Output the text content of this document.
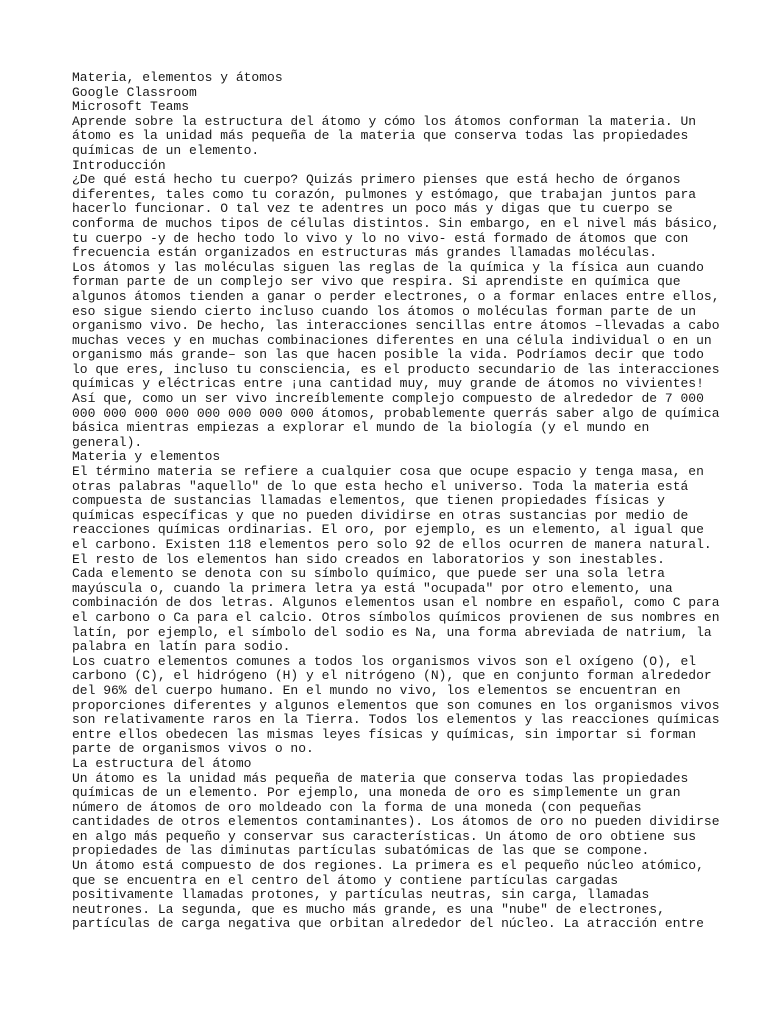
Materia, elementos y átomos
Google Classroom
Microsoft Teams
Aprende sobre la estructura del átomo y cómo los átomos conforman la materia. Un
átomo es la unidad más pequeña de la materia que conserva todas las propiedades
químicas de un elemento.
Introducción
¿De qué está hecho tu cuerpo? Quizás primero pienses que está hecho de órganos
diferentes, tales como tu corazón, pulmones y estómago, que trabajan juntos para
hacerlo funcionar. O tal vez te adentres un poco más y digas que tu cuerpo se
conforma de muchos tipos de células distintos. Sin embargo, en el nivel más básico,
tu cuerpo -y de hecho todo lo vivo y lo no vivo- está formado de átomos que con
frecuencia están organizados en estructuras más grandes llamadas moléculas.
Los átomos y las moléculas siguen las reglas de la química y la física aun cuando
forman parte de un complejo ser vivo que respira. Si aprendiste en química que
algunos átomos tienden a ganar o perder electrones, o a formar enlaces entre ellos,
eso sigue siendo cierto incluso cuando los átomos o moléculas forman parte de un
organismo vivo. De hecho, las interacciones sencillas entre átomos –llevadas a cabo
muchas veces y en muchas combinaciones diferentes en una célula individual o en un
organismo más grande– son las que hacen posible la vida. Podríamos decir que todo
lo que eres, incluso tu consciencia, es el producto secundario de las interacciones
químicas y eléctricas entre ¡una cantidad muy, muy grande de átomos no vivientes!
Así que, como un ser vivo increíblemente complejo compuesto de alrededor de 7 000
000 000 000 000 000 000 000 000 átomos, probablemente querrás saber algo de química
básica mientras empiezas a explorar el mundo de la biología (y el mundo en
general).
Materia y elementos
El término materia se refiere a cualquier cosa que ocupe espacio y tenga masa, en
otras palabras "aquello" de lo que esta hecho el universo. Toda la materia está
compuesta de sustancias llamadas elementos, que tienen propiedades físicas y
químicas específicas y que no pueden dividirse en otras sustancias por medio de
reacciones químicas ordinarias. El oro, por ejemplo, es un elemento, al igual que
el carbono. Existen 118 elementos pero solo 92 de ellos ocurren de manera natural.
El resto de los elementos han sido creados en laboratorios y son inestables.
Cada elemento se denota con su símbolo químico, que puede ser una sola letra
mayúscula o, cuando la primera letra ya está "ocupada" por otro elemento, una
combinación de dos letras. Algunos elementos usan el nombre en español, como C para
el carbono o Ca para el calcio. Otros símbolos químicos provienen de sus nombres en
latín, por ejemplo, el símbolo del sodio es Na, una forma abreviada de natrium, la
palabra en latín para sodio.
Los cuatro elementos comunes a todos los organismos vivos son el oxígeno (O), el
carbono (C), el hidrógeno (H) y el nitrógeno (N), que en conjunto forman alrededor
del 96% del cuerpo humano. En el mundo no vivo, los elementos se encuentran en
proporciones diferentes y algunos elementos que son comunes en los organismos vivos
son relativamente raros en la Tierra. Todos los elementos y las reacciones químicas
entre ellos obedecen las mismas leyes físicas y químicas, sin importar si forman
parte de organismos vivos o no.
La estructura del átomo
Un átomo es la unidad más pequeña de materia que conserva todas las propiedades
químicas de un elemento. Por ejemplo, una moneda de oro es simplemente un gran
número de átomos de oro moldeado con la forma de una moneda (con pequeñas
cantidades de otros elementos contaminantes). Los átomos de oro no pueden dividirse
en algo más pequeño y conservar sus características. Un átomo de oro obtiene sus
propiedades de las diminutas partículas subatómicas de las que se compone.
Un átomo está compuesto de dos regiones. La primera es el pequeño núcleo atómico,
que se encuentra en el centro del átomo y contiene partículas cargadas
positivamente llamadas protones, y partículas neutras, sin carga, llamadas
neutrones. La segunda, que es mucho más grande, es una "nube" de electrones,
partículas de carga negativa que orbitan alrededor del núcleo. La atracción entre
